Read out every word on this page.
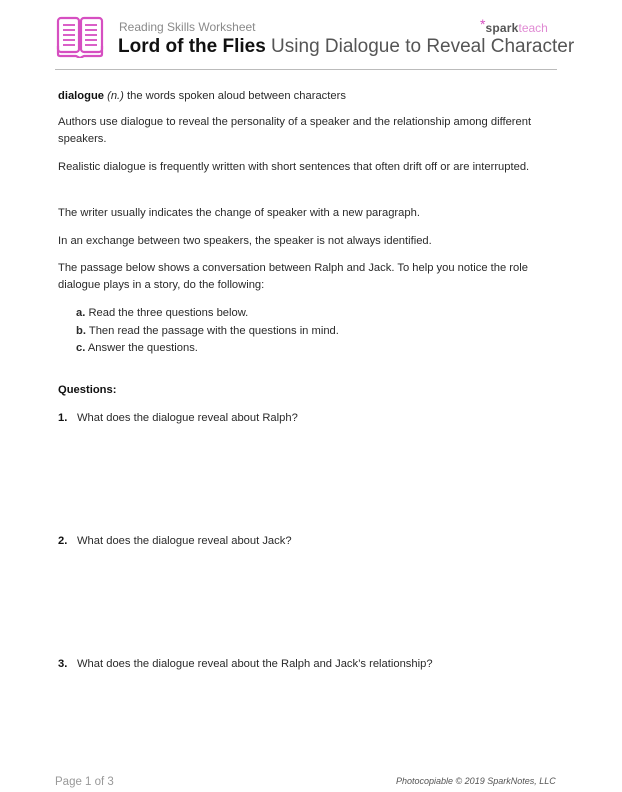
Reading Skills Worksheet
Lord of the Flies Using Dialogue to Reveal Character
*sparkteach
dialogue (n.) the words spoken aloud between characters
Authors use dialogue to reveal the personality of a speaker and the relationship among different speakers.
Realistic dialogue is frequently written with short sentences that often drift off or are interrupted.
The writer usually indicates the change of speaker with a new paragraph.
In an exchange between two speakers, the speaker is not always identified.
The passage below shows a conversation between Ralph and Jack. To help you notice the role dialogue plays in a story, do the following:
a. Read the three questions below.
b. Then read the passage with the questions in mind.
c. Answer the questions.
Questions:
1. What does the dialogue reveal about Ralph?
2. What does the dialogue reveal about Jack?
3. What does the dialogue reveal about the Ralph and Jack’s relationship?
Page 1 of 3	Photocopiable © 2019 SparkNotes, LLC
